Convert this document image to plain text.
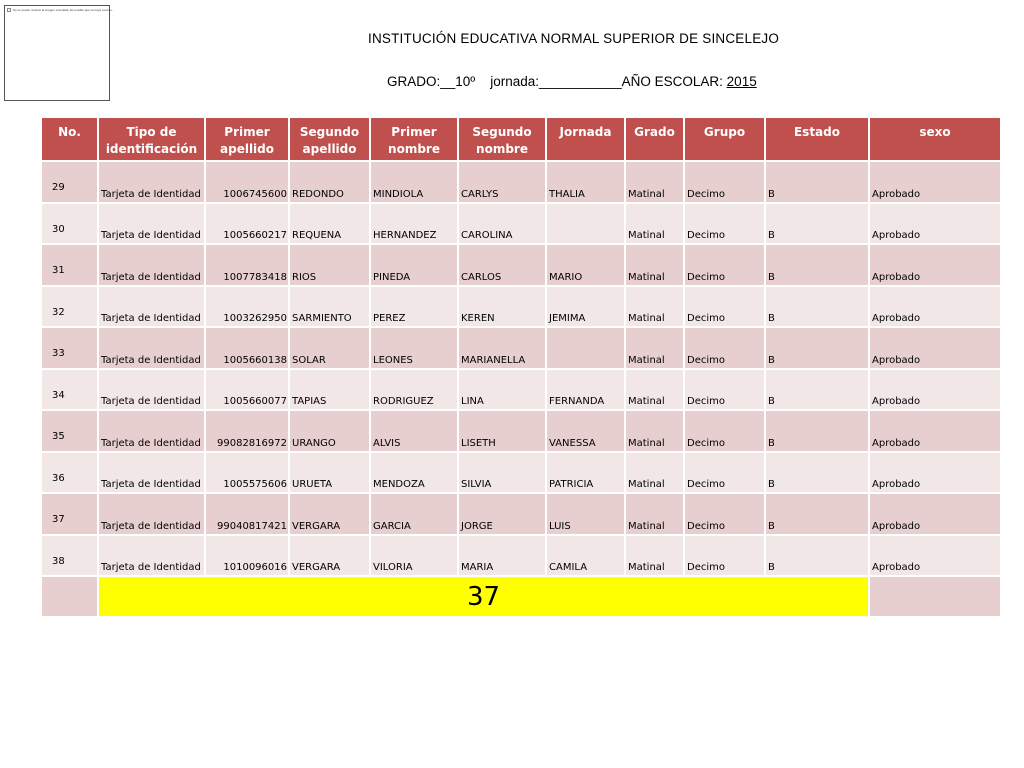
No se puede mostrar la imagen vinculada. Es posible que se haya movido...
INSTITUCIÓN EDUCATIVA NORMAL SUPERIOR DE SINCELEJO
GRADO:__10º jornada:___________AÑO ESCOLAR: 2015
No.	Tipo de identificación	Primer apellido	Segundo apellido	Primer nombre	Segundo nombre	Jornada	Grado	Grupo	Estado	sexo
29	Tarjeta de Identidad	1006745600	REDONDO	MINDIOLA	CARLYS	THALIA	Matinal	Decimo	B	Aprobado
30	Tarjeta de Identidad	1005660217	REQUENA	HERNANDEZ	CAROLINA		Matinal	Decimo	B	Aprobado
31	Tarjeta de Identidad	1007783418	RIOS	PINEDA	CARLOS	MARIO	Matinal	Decimo	B	Aprobado
32	Tarjeta de Identidad	1003262950	SARMIENTO	PEREZ	KEREN	JEMIMA	Matinal	Decimo	B	Aprobado
33	Tarjeta de Identidad	1005660138	SOLAR	LEONES	MARIANELLA		Matinal	Decimo	B	Aprobado
34	Tarjeta de Identidad	1005660077	TAPIAS	RODRIGUEZ	LINA	FERNANDA	Matinal	Decimo	B	Aprobado
35	Tarjeta de Identidad	99082816972	URANGO	ALVIS	LISETH	VANESSA	Matinal	Decimo	B	Aprobado
36	Tarjeta de Identidad	1005575606	URUETA	MENDOZA	SILVIA	PATRICIA	Matinal	Decimo	B	Aprobado
37	Tarjeta de Identidad	99040817421	VERGARA	GARCIA	JORGE	LUIS	Matinal	Decimo	B	Aprobado
38	Tarjeta de Identidad	1010096016	VERGARA	VILORIA	MARIA	CAMILA	Matinal	Decimo	B	Aprobado
	37									
